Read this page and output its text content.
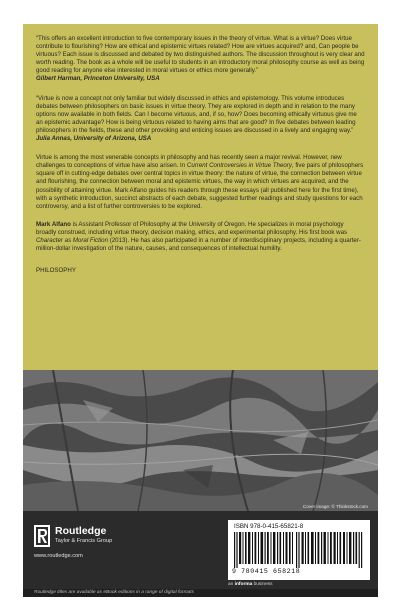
“This offers an excellent introduction to five contemporary issues in the theory of virtue. What is a virtue? Does virtue contribute to flourishing? How are ethical and epistemic virtues related? How are virtues acquired? and, Can people be virtuous? Each issue is discussed and debated by two distinguished authors. The discussion throughout is very clear and worth reading. The book as a whole will be useful to students in an introductory moral philosophy course as well as being good reading for anyone else interested in moral virtues or ethics more generally.”

Gilbert Harman, Princeton University, USA

“Virtue is now a concept not only familiar but widely discussed in ethics and epistemology. This volume introduces debates between philosophers on basic issues in virtue theory. They are explored in depth and in relation to the many options now available in both fields. Can I become virtuous, and, if so, how? Does becoming ethically virtuous give me an epistemic advantage? How is being virtuous related to having aims that are good? In five debates between leading philosophers in the fields, these and other provoking and enticing issues are discussed in a lively and engaging way.”

Julia Annas, University of Arizona, USA

Virtue is among the most venerable concepts in philosophy and has recently seen a major revival. However, new challenges to conceptions of virtue have also arisen. In Current Controversies in Virtue Theory, five pairs of philosophers square off in cutting-edge debates over central topics in virtue theory: the nature of virtue, the connection between virtue and flourishing, the connection between moral and epistemic virtues, the way in which virtues are acquired, and the possibility of attaining virtue. Mark Alfano guides his readers through these essays (all published here for the first time), with a synthetic introduction, succinct abstracts of each debate, suggested further readings and study questions for each controversy, and a list of further controversies to be explored.

Mark Alfano is Assistant Professor of Philosophy at the University of Oregon. He specializes in moral psychology broadly construed, including virtue theory, decision making, ethics, and experimental philosophy. His first book was Character as Moral Fiction (2013). He has also participated in a number of interdisciplinary projects, including a quarter-million-dollar investigation of the nature, causes, and consequences of intellectual humility.

PHILOSOPHY

Cover image: © Thinkstock.com
Routledge
Taylor & Francis Group
www.routledge.com
ISBN 978-0-415-65821-8
9 780415 658218
an informa business
Routledge titles are available as eBook editions in a range of digital formats
